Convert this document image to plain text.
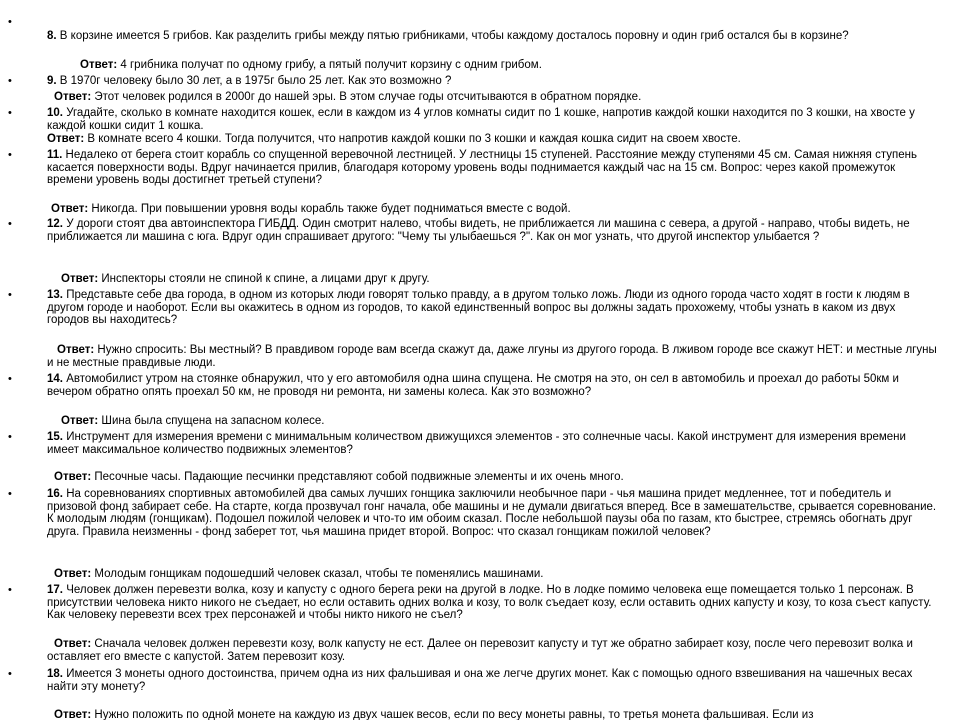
•

8. В корзине имеется 5 грибов. Как разделить грибы между пятью грибниками, чтобы каждому досталось поровну и один гриб остался бы в корзине?

Ответ: 4 грибника получат по одному грибу, а пятый получит корзину с одним грибом.

•	9. В 1970г человеку было 30 лет, а в 1975г было 25 лет. Как это возможно ?

Ответ: Этот человек родился в 2000г до нашей эры. В этом случае годы отсчитываются в обратном порядке.

•	10. Угадайте, сколько в комнате находится кошек, если в каждом из 4 углов комнаты сидит по 1 кошке, напротив каждой кошки находится по 3 кошки, на хвосте у каждой кошки сидит 1 кошка.

Ответ: В комнате всего 4 кошки. Тогда получится, что напротив каждой кошки по 3 кошки и каждая кошка сидит на своем хвосте.

•	11. Недалеко от берега стоит корабль со спущенной веревочной лестницей. У лестницы 15 ступеней. Расстояние между ступенями 45 см. Самая нижняя ступень касается поверхности воды. Вдруг начинается прилив, благодаря которому уровень воды поднимается каждый час на 15 см. Вопрос: через какой промежуток времени уровень воды достигнет третьей ступени?

Ответ: Никогда. При повышении уровня воды корабль также будет подниматься вместе с водой.

•	12. У дороги стоят два автоинспектора ГИБДД. Один смотрит налево, чтобы видеть, не приближается ли машина с севера, а другой - направо, чтобы видеть, не приближается ли машина с юга. Вдруг один спрашивает другого: "Чему ты улыбаешься ?". Как он мог узнать, что другой инспектор улыбается ?

Ответ: Инспекторы стояли не спиной к спине, а лицами друг к другу.

•	13. Представьте себе два города, в одном из которых люди говорят только правду, а в другом только ложь. Люди из одного города часто ходят в гости к людям в другом городе и наоборот. Если вы окажитесь в одном из городов, то какой единственный вопрос вы должны задать прохожему, чтобы узнать в каком из двух городов вы находитесь?

Ответ: Нужно спросить: Вы местный? В правдивом городе вам всегда скажут да, даже лгуны из другого города. В лживом городе все скажут НЕТ: и местные лгуны и не местные правдивые люди.

•	14. Автомобилист утром на стоянке обнаружил, что у его автомобиля одна шина спущена. Не смотря на это, он сел в автомобиль и проехал до работы 50км и вечером обратно опять проехал 50 км, не проводя ни ремонта, ни замены колеса. Как это возможно?

Ответ: Шина была спущена на запасном колесе.

•	15. Инструмент для измерения времени с минимальным количеством движущихся элементов - это солнечные часы. Какой инструмент для измерения времени имеет максимальное количество подвижных элементов?

Ответ: Песочные часы. Падающие песчинки представляют собой подвижные элементы и их очень много.

•	16. На соревнованиях спортивных автомобилей два самых лучших гонщика заключили необычное пари - чья машина придет медленнее, тот и победитель и призовой фонд забирает себе. На старте, когда прозвучал гонг начала, обе машины и не думали двигаться вперед. Все в замешательстве, срывается соревнование. К молодым людям (гонщикам). Подошел пожилой человек и что-то им обоим сказал. После небольшой паузы оба по газам, кто быстрее, стремясь обогнать друг друга. Правила неизменны - фонд заберет тот, чья машина придет второй. Вопрос: что сказал гонщикам пожилой человек?

Ответ: Молодым гонщикам подошедший человек сказал, чтобы те поменялись машинами.

•	17. Человек должен перевезти волка, козу и капусту с одного берега реки на другой в лодке. Но в лодке помимо человека еще помещается только 1 персонаж. В присутствии человека никто никого не съедает, но если оставить одних волка и козу, то волк съедает козу, если оставить одних капусту и козу, то коза съест капусту. Как человеку перевезти всех трех персонажей и чтобы никто никого не съел?

Ответ: Сначала человек должен перевезти козу, волк капусту не ест. Далее он перевозит капусту и тут же обратно забирает козу, после чего перевозит волка и оставляет его вместе с капустой. Затем перевозит козу.

•	18. Имеется 3 монеты одного достоинства, причем одна из них фальшивая и она же легче других монет. Как с помощью одного взвешивания на чашечных весах найти эту монету?

Ответ: Нужно положить по одной монете на каждую из двух чашек весов, если по весу монеты равны, то третья монета фальшивая. Если из
